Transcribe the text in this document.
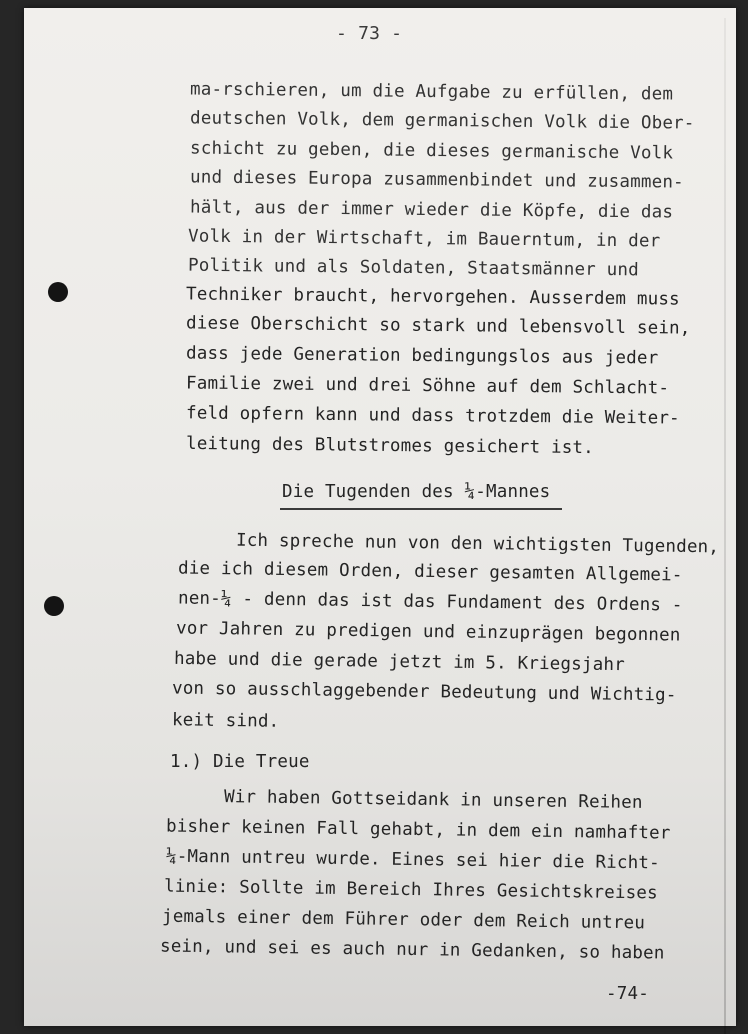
- 73 -
ma-rschieren, um die Aufgabe zu erfüllen, dem
deutschen Volk, dem germanischen Volk die Ober-
schicht zu geben, die dieses germanische Volk
und dieses Europa zusammenbindet und zusammen-
hält, aus der immer wieder die Köpfe, die das
Volk in der Wirtschaft, im Bauerntum, in der
Politik und als Soldaten, Staatsmänner und
Techniker braucht, hervorgehen. Ausserdem muss
diese Oberschicht so stark und lebensvoll sein,
dass jede Generation bedingungslos aus jeder
Familie zwei und drei Söhne auf dem Schlacht-
feld opfern kann und dass trotzdem die Weiter-
leitung des Blutstromes gesichert ist.
Die Tugenden des ¼-Mannes
Ich spreche nun von den wichtigsten Tugenden,
die ich diesem Orden, dieser gesamten Allgemei-
nen-¼ - denn das ist das Fundament des Ordens -
vor Jahren zu predigen und einzuprägen begonnen
habe und die gerade jetzt im 5. Kriegsjahr
von so ausschlaggebender Bedeutung und Wichtig-
keit sind.
1.) Die Treue
Wir haben Gottseidank in unseren Reihen
bisher keinen Fall gehabt, in dem ein namhafter
¼-Mann untreu wurde. Eines sei hier die Richt-
linie: Sollte im Bereich Ihres Gesichtskreises
jemals einer dem Führer oder dem Reich untreu
sein, und sei es auch nur in Gedanken, so haben
-74-
